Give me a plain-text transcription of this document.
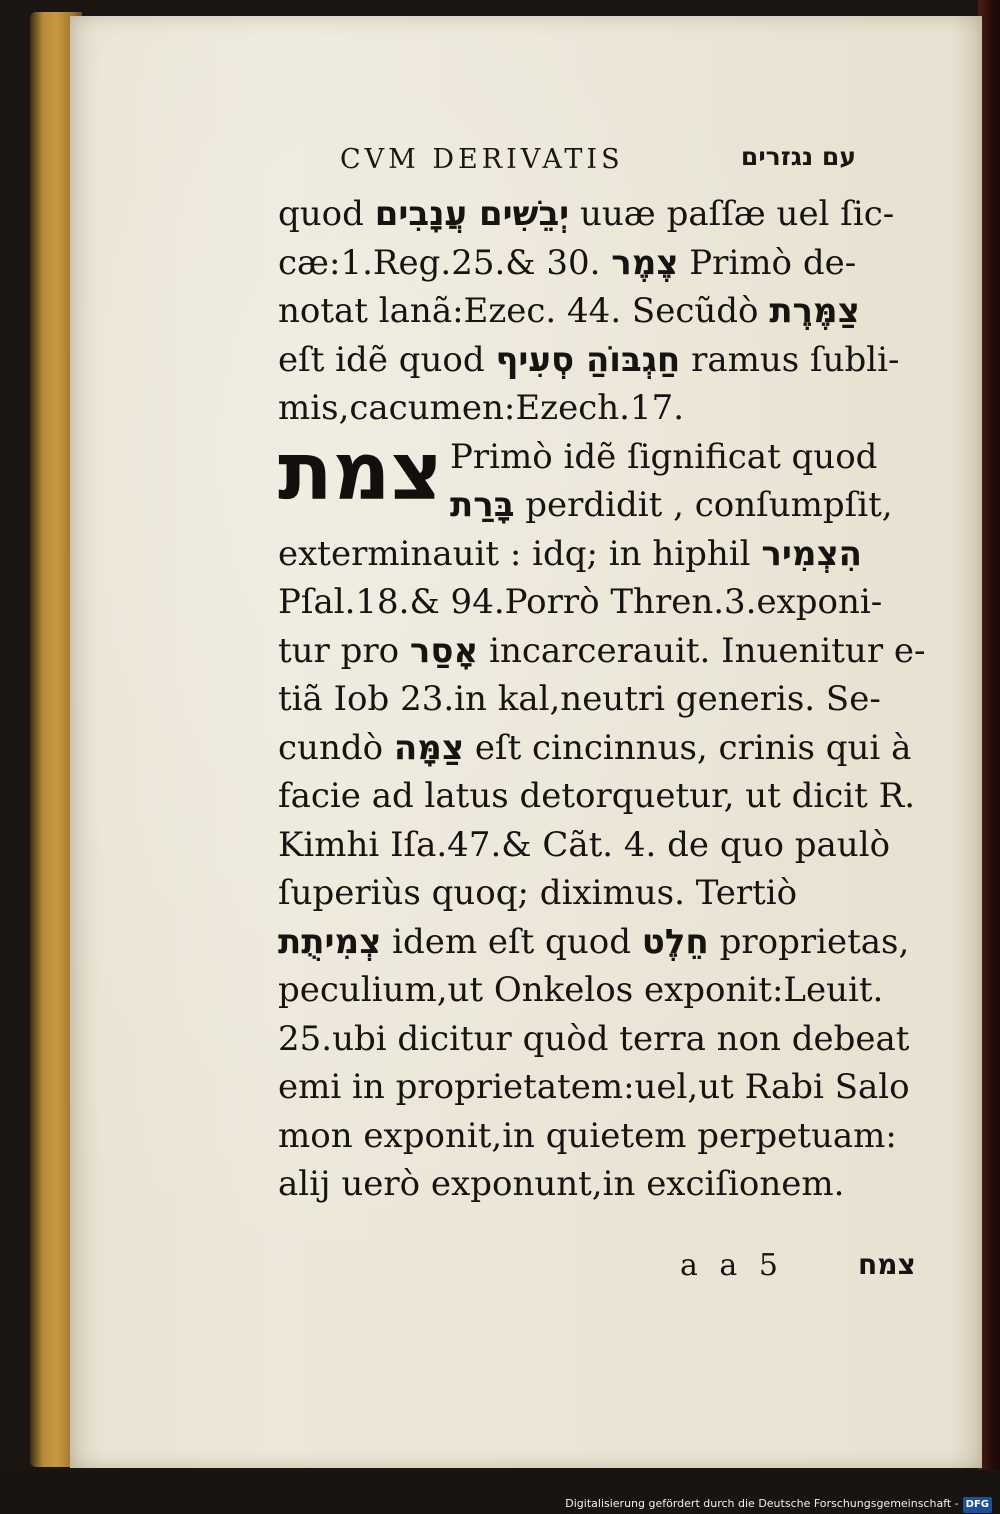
CVM DERIVATIS	עם נגזרים
צמת
quod יְבֵשִׁים עֲנָבִים uuæ paſſæ uel ſic-
cæ:1.Reg.25.& 30. צֶמֶר Primò de-
notat lanã:Ezec. 44. Secũdò צַמֶּרֶת
eſt idẽ quod חַגְבּוֹהַ סְעִיף ramus ſubli-
mis,cacumen:Ezech.17.
Primò idẽ ſignificat quod
בָּרַת perdidit , conſumpſit,
exterminauit : idq; in hiphil הִצְמִיר
Pſal.18.& 94.Porrò Thren.3.exponi-
tur pro אָסַר incarcerauit. Inuenitur e-
tiã Iob 23.in kal,neutri generis. Se-
cundò צַמָּה eſt cincinnus, crinis qui à
facie ad latus detorquetur, ut dicit R.
Kimhi Iſa.47.& Cãt. 4. de quo paulò
ſuperiùs quoq; diximus. Tertiò
צְמִיתֻת idem eſt quod חֵלֶט proprietas,
peculium,ut Onkelos exponit:Leuit.
25.ubi dicitur quòd terra non debeat
emi in proprietatem:uel,ut Rabi Salo
mon exponit,in quietem perpetuam:
alij uerò exponunt,in exciſionem.
a a 5	צמח
Digitalisierung gefördert durch die Deutsche Forschungsgemeinschaft - DFG
